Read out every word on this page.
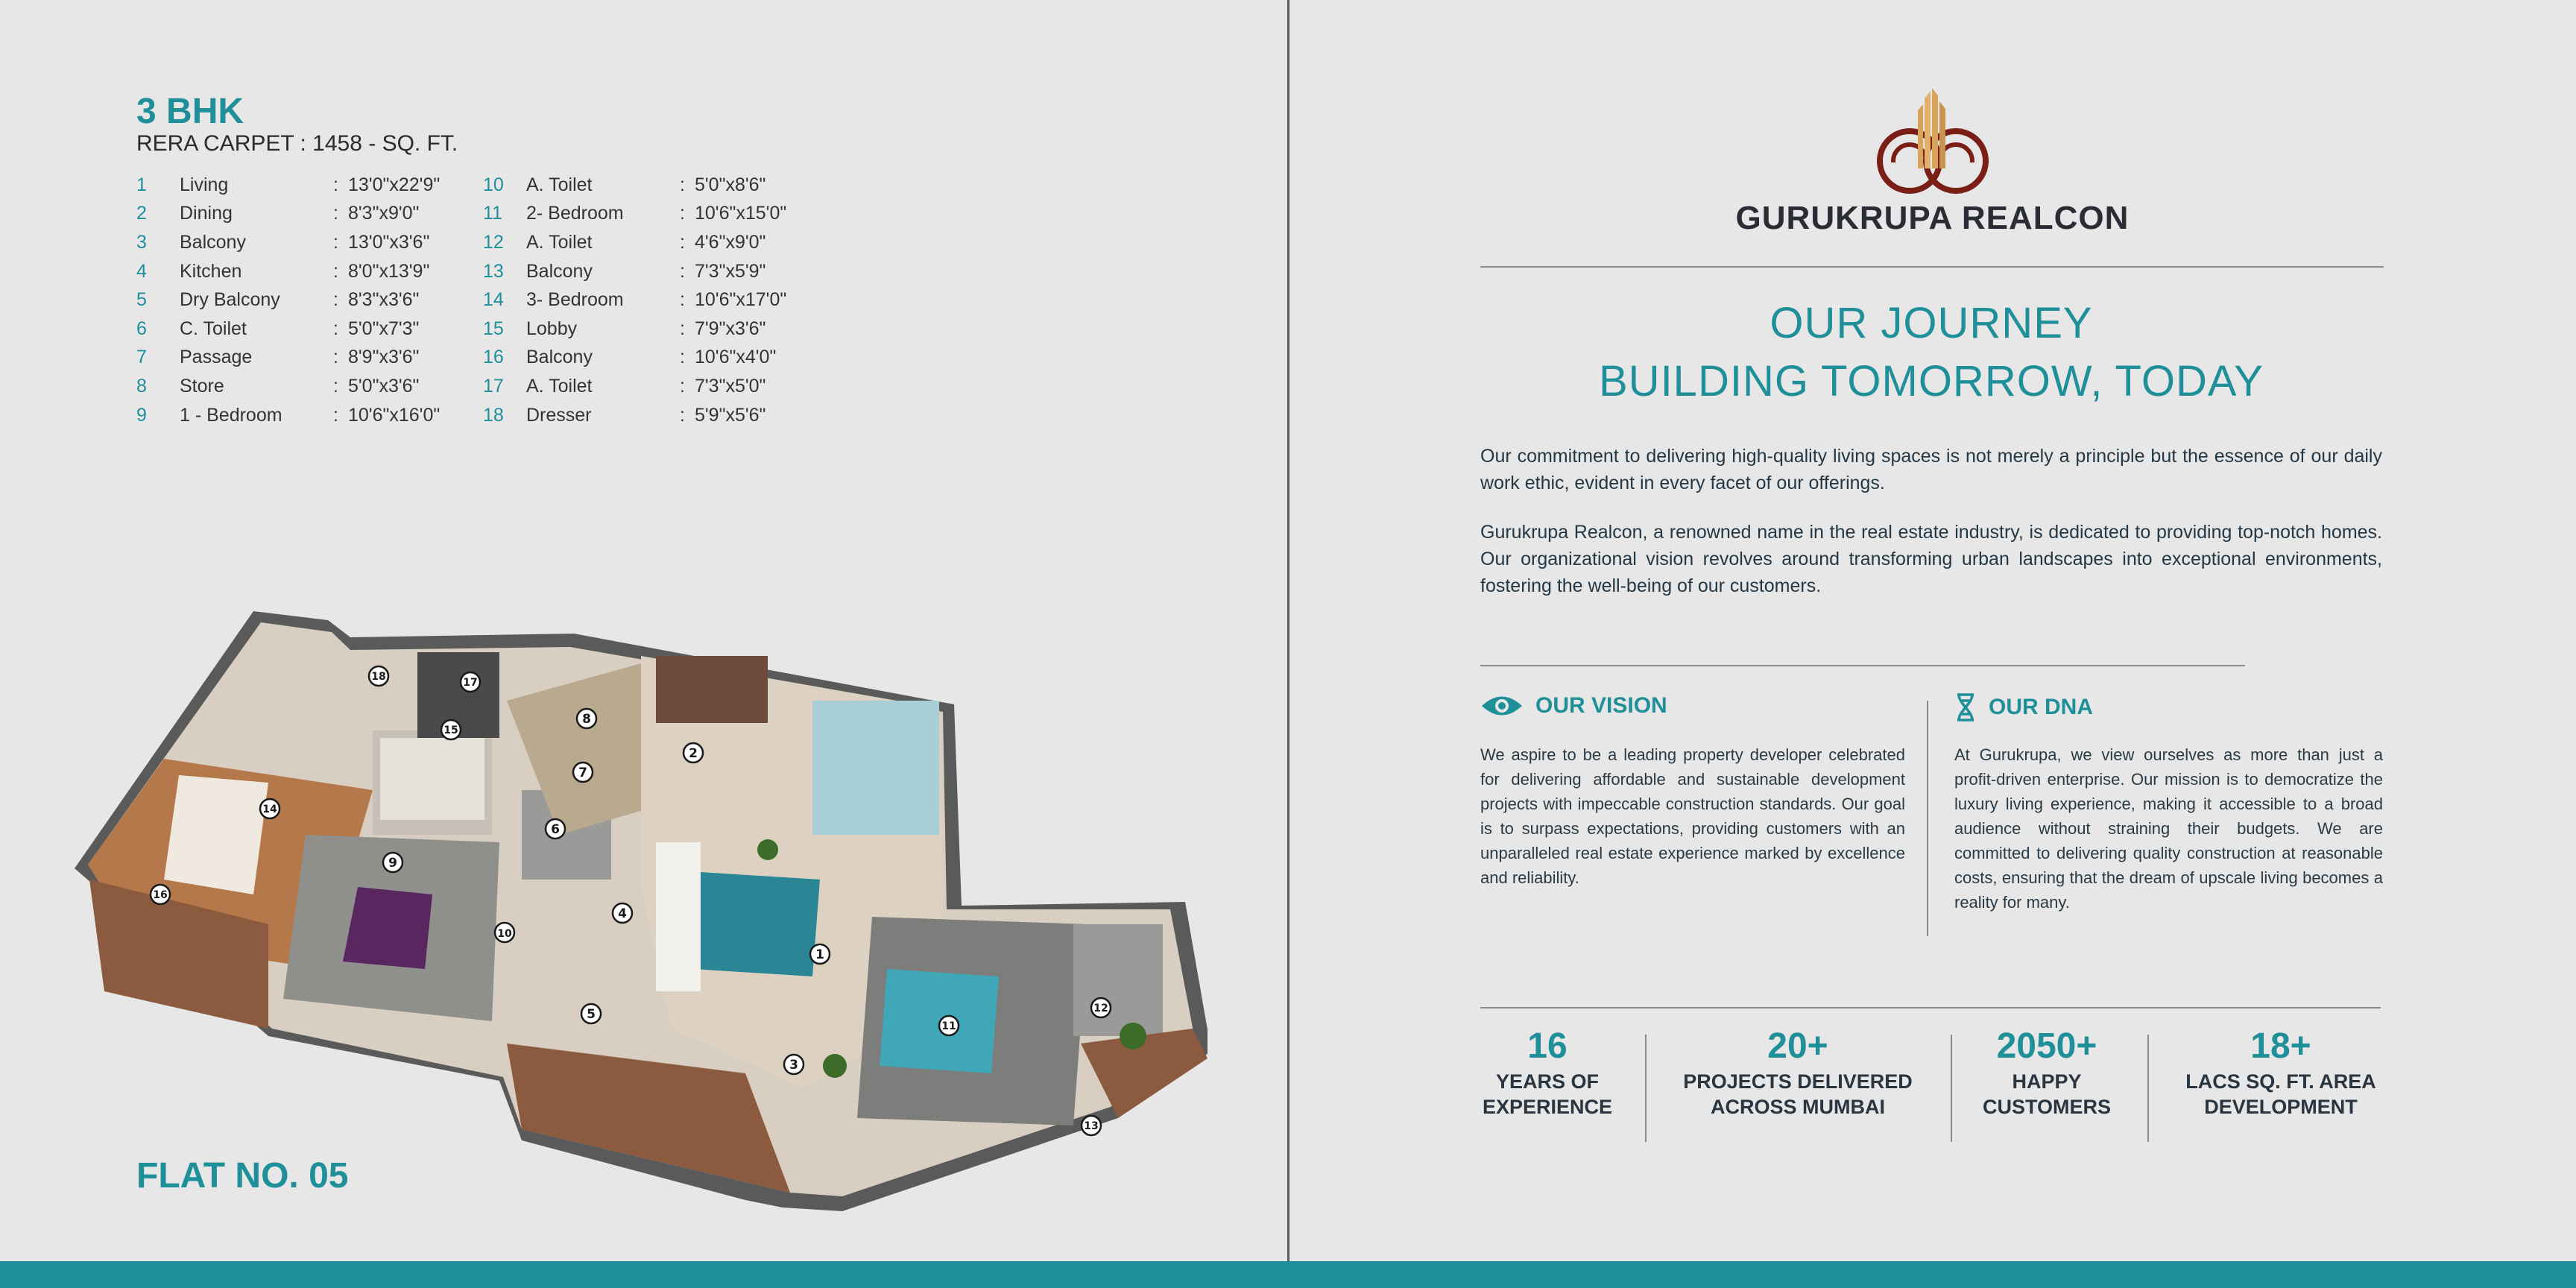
3 BHK
RERA CARPET : 1458 - SQ. FT.
1	Living	: 13'0"x22'9"
2	Dining	: 8'3"x9'0"
3	Balcony	: 13'0"x3'6"
4	Kitchen	: 8'0"x13'9"
5	Dry Balcony	: 8'3"x3'6"
6	C. Toilet	: 5'0"x7'3"
7	Passage	: 8'9"x3'6"
8	Store	: 5'0"x3'6"
9	1 - Bedroom	: 10'6"x16'0"
10	A. Toilet	: 5'0"x8'6"
11	2- Bedroom	: 10'6"x15'0"
12	A. Toilet	: 4'6"x9'0"
13	Balcony	: 7'3"x5'9"
14	3- Bedroom	: 10'6"x17'0"
15	Lobby	: 7'9"x3'6"
16	Balcony	: 10'6"x4'0"
17	A. Toilet	: 7'3"x5'0"
18	Dresser	: 5'9"x5'6"
1
2
3
4
5
6
7
8
9
10
11
12
13
14
15
16
17
18
FLAT NO. 05
GURUKRUPA REALCON
OUR JOURNEY
BUILDING TOMORROW, TODAY

Our commitment to delivering high-quality living spaces is not merely a principle but the essence of our daily work ethic, evident in every facet of our offerings.

Gurukrupa Realcon, a renowned name in the real estate industry, is dedicated to providing top-notch homes. Our organizational vision revolves around transforming urban landscapes into exceptional environments, fostering the well-being of our customers.

OUR VISION

We aspire to be a leading property developer celebrated for delivering affordable and sustainable development projects with impeccable construction standards. Our goal is to surpass expectations, providing customers with an unparalleled real estate experience marked by excellence and reliability.

OUR DNA

At Gurukrupa, we view ourselves as more than just a profit-driven enterprise. Our mission is to democratize the luxury living experience, making it accessible to a broad audience without straining their budgets. We are committed to delivering quality construction at reasonable costs, ensuring that the dream of upscale living becomes a reality for many.

16
YEARS OF
EXPERIENCE
20+
PROJECTS DELIVERED
ACROSS MUMBAI
2050+
HAPPY
CUSTOMERS
18+
LACS SQ. FT. AREA
DEVELOPMENT
